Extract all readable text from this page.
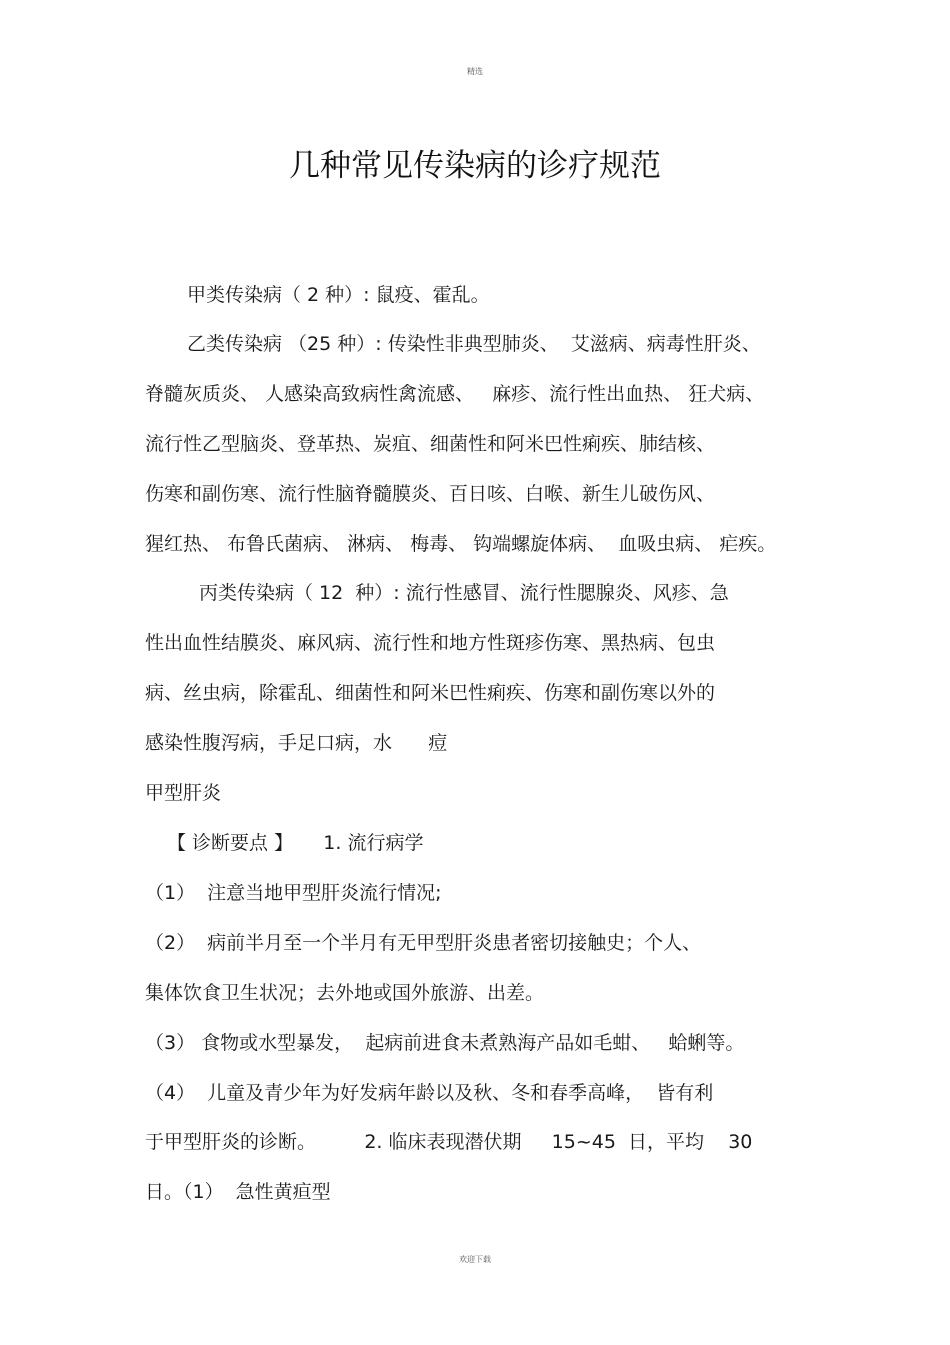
精选
几种常见传染病的诊疗规范
甲类传染病（ 2 种）: 鼠疫、霍乱。
乙类传染病 （25 种）: 传染性非典型肺炎、  艾滋病、病毒性肝炎、
脊髓灰质炎、 人感染高致病性禽流感、   麻疹、流行性出血热、 狂犬病、
流行性乙型脑炎、登革热、炭疽、细菌性和阿米巴性痢疾、肺结核、
伤寒和副伤寒、流行性脑脊髓膜炎、百日咳、白喉、新生儿破伤风、
猩红热、 布鲁氏菌病、 淋病、 梅毒、 钩端螺旋体病、  血吸虫病、 疟疾。
丙类传染病（ 12  种）: 流行性感冒、流行性腮腺炎、风疹、急
性出血性结膜炎、麻风病、流行性和地方性斑疹伤寒、黑热病、包虫
病、丝虫病，除霍乱、细菌性和阿米巴性痢疾、伤寒和副伤寒以外的
感染性腹泻病，手足口病，水      痘
甲型肝炎
【 诊断要点 】     1. 流行病学
（1）  注意当地甲型肝炎流行情况;
（2）  病前半月至一个半月有无甲型肝炎患者密切接触史；个人、
集体饮食卫生状况；去外地或国外旅游、出差。
（3） 食物或水型暴发，  起病前进食未煮熟海产品如毛蚶、   蛤蜊等。
（4）  儿童及青少年为好发病年龄以及秋、冬和春季高峰，  皆有利
于甲型肝炎的诊断。        2. 临床表现潜伏期     15~45  日，平均    30
日。（1）  急性黄疸型
欢迎下载
